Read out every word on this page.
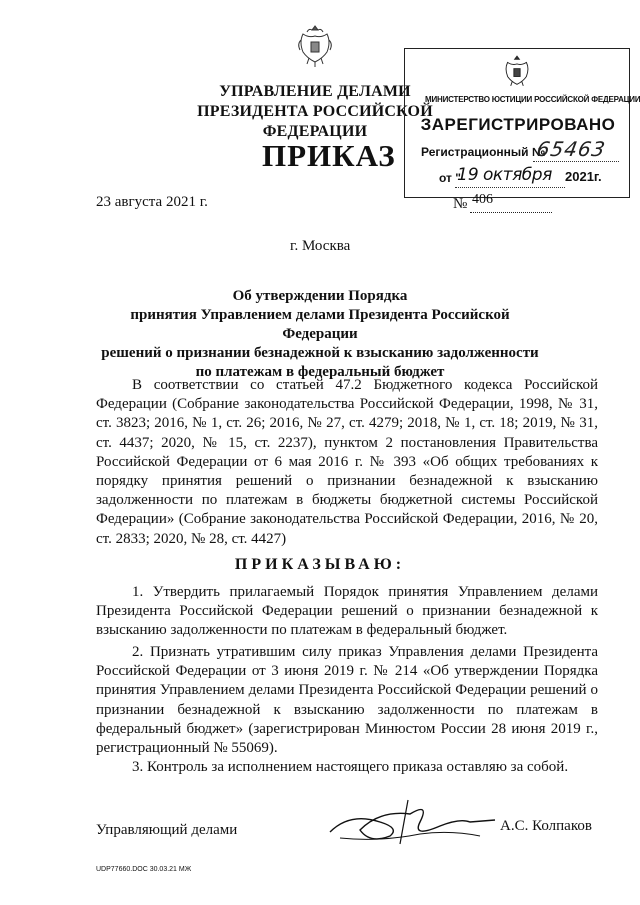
УПРАВЛЕНИЕ ДЕЛАМИ
ПРЕЗИДЕНТА РОССИЙСКОЙ ФЕДЕРАЦИИ
МИНИСТЕРСТВО ЮСТИЦИИ РОССИЙСКОЙ ФЕДЕРАЦИИ
ЗАРЕГИСТРИРОВАНО
Регистрационный №
65463
от "
19 октября 2021г.
ПРИКАЗ
23 августа 2021 г.	№ 406
г. Москва
Об утверждении Порядка
принятия Управлением делами Президента Российской Федерации
решений о признании безнадежной к взысканию задолженности
по платежам в федеральный бюджет
В соответствии со статьей 47.2 Бюджетного кодекса Российской Федерации (Собрание законодательства Российской Федерации, 1998, № 31, ст. 3823; 2016, № 1, ст. 26; 2016, № 27, ст. 4279; 2018, № 1, ст. 18; 2019, № 31, ст. 4437; 2020, № 15, ст. 2237), пунктом 2 постановления Правительства Российской Федерации от 6 мая 2016 г. № 393 «Об общих требованиях к порядку принятия решений о признании безнадежной к взысканию задолженности по платежам в бюджеты бюджетной системы Российской Федерации» (Собрание законодательства Российской Федерации, 2016, № 20, ст. 2833; 2020, № 28, ст. 4427)
ПРИКАЗЫВАЮ:
1. Утвердить прилагаемый Порядок принятия Управлением делами Президента Российской Федерации решений о признании безнадежной к взысканию задолженности по платежам в федеральный бюджет.
2. Признать утратившим силу приказ Управления делами Президента Российской Федерации от 3 июня 2019 г. № 214 «Об утверждении Порядка принятия Управлением делами Президента Российской Федерации решений о признании безнадежной к взысканию задолженности по платежам в федеральный бюджет» (зарегистрирован Минюстом России 28 июня 2019 г., регистрационный № 55069).
3. Контроль за исполнением настоящего приказа оставляю за собой.
Управляющий делами	А.С. Колпаков
UDP77660.DOC 30.03.21 МЖ
